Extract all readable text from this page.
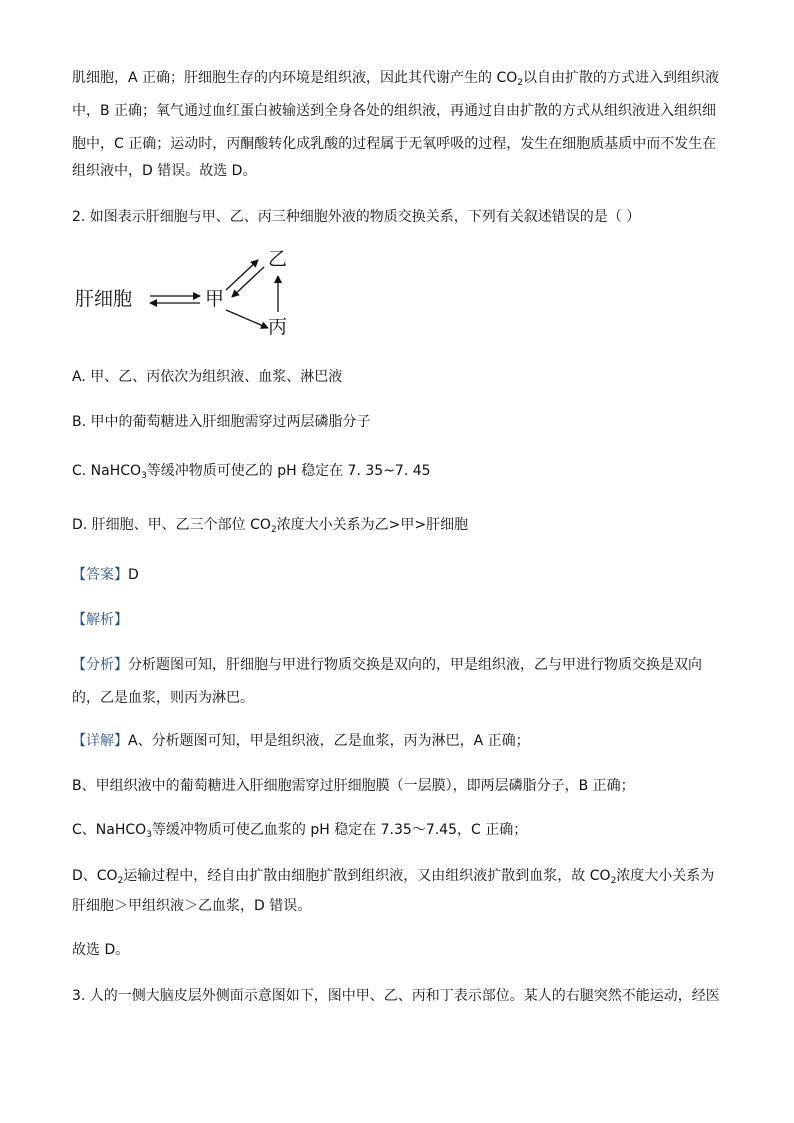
肌细胞，A 正确；肝细胞生存的内环境是组织液，因此其代谢产生的 $CO_2$以自由扩散的方式进入到组织液
中，B 正确；氧气通过血红蛋白被输送到全身各处的组织液，再通过自由扩散的方式从组织液进入组织细
胞中，C 正确；运动时，丙酮酸转化成乳酸的过程属于无氧呼吸的过程，发生在细胞质基质中而不发生在
组织液中，D 错误。故选 D。
2. 如图表示肝细胞与甲、乙、丙三种细胞外液的物质交换关系，下列有关叙述错误的是（ ）
肝细胞	甲
乙
丙
A. 甲、乙、丙依次为组织液、血浆、淋巴液
B. 甲中的葡萄糖进入肝细胞需穿过两层磷脂分子
C. NaHCO$_3$等缓冲物质可使乙的 pH 稳定在 7. 35~7. 45
D. 肝细胞、甲、乙三个部位 $CO_2$浓度大小关系为乙>甲>肝细胞
【答案】D
【解析】
【分析】分析题图可知，肝细胞与甲进行物质交换是双向的，甲是组织液，乙与甲进行物质交换是双向
的，乙是血浆，则丙为淋巴。
【详解】A、分析题图可知，甲是组织液，乙是血浆，丙为淋巴，A 正确；
B、甲组织液中的葡萄糖进入肝细胞需穿过肝细胞膜（一层膜），即两层磷脂分子，B 正确；
C、NaHCO$_3$等缓冲物质可使乙血浆的 pH 稳定在 7.35～7.45，C 正确；
D、$CO_2$运输过程中，经自由扩散由细胞扩散到组织液，又由组织液扩散到血浆，故 $CO_2$浓度大小关系为
肝细胞＞甲组织液＞乙血浆，D 错误。
故选 D。
3. 人的一侧大脑皮层外侧面示意图如下，图中甲、乙、丙和丁表示部位。某人的右腿突然不能运动，经医
